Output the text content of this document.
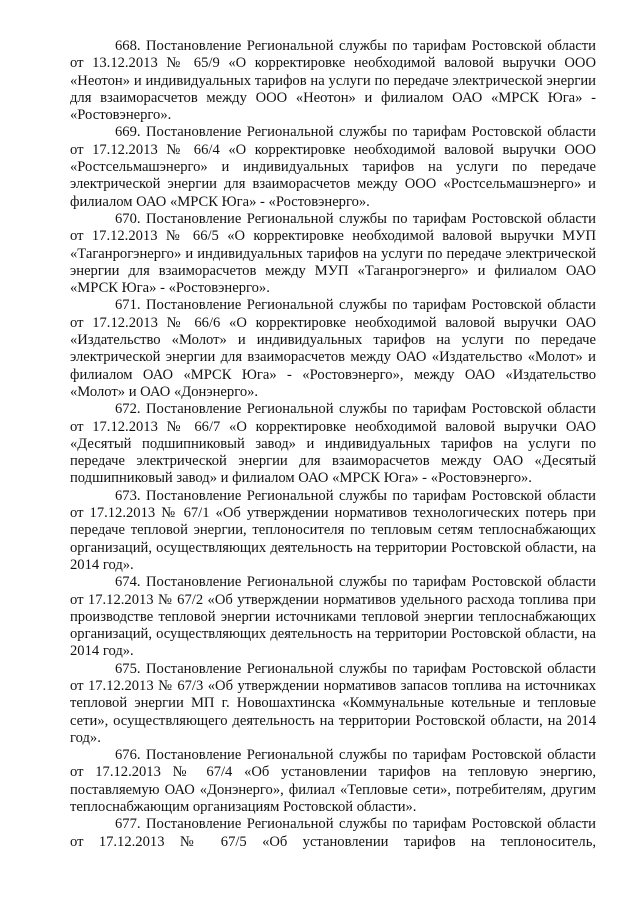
668. Постановление Региональной службы по тарифам Ростовской области от 13.12.2013 № 65/9 «О корректировке необходимой валовой выручки ООО «Неотон» и индивидуальных тарифов на услуги по передаче электрической энергии для взаиморасчетов между ООО «Неотон» и филиалом ОАО «МРСК Юга» - «Ростовэнерго».

669. Постановление Региональной службы по тарифам Ростовской области от 17.12.2013 № 66/4 «О корректировке необходимой валовой выручки ООО «Ростсельмашэнерго» и индивидуальных тарифов на услуги по передаче электрической энергии для взаиморасчетов между ООО «Ростсельмашэнерго» и филиалом ОАО «МРСК Юга» - «Ростовэнерго».

670. Постановление Региональной службы по тарифам Ростовской области от 17.12.2013 № 66/5 «О корректировке необходимой валовой выручки МУП «Таганрогэнерго» и индивидуальных тарифов на услуги по передаче электрической энергии для взаиморасчетов между МУП «Таганрогэнерго» и филиалом ОАО «МРСК Юга» - «Ростовэнерго».

671. Постановление Региональной службы по тарифам Ростовской области от 17.12.2013 № 66/6 «О корректировке необходимой валовой выручки ОАО «Издательство «Молот» и индивидуальных тарифов на услуги по передаче электрической энергии для взаиморасчетов между ОАО «Издательство «Молот» и филиалом ОАО «МРСК Юга» - «Ростовэнерго», между ОАО «Издательство «Молот» и ОАО «Донэнерго».

672. Постановление Региональной службы по тарифам Ростовской области от 17.12.2013 № 66/7 «О корректировке необходимой валовой выручки ОАО «Десятый подшипниковый завод» и индивидуальных тарифов на услуги по передаче электрической энергии для взаиморасчетов между ОАО «Десятый подшипниковый завод» и филиалом ОАО «МРСК Юга» - «Ростовэнерго».

673. Постановление Региональной службы по тарифам Ростовской области от 17.12.2013 № 67/1 «Об утверждении нормативов технологических потерь при передаче тепловой энергии, теплоносителя по тепловым сетям теплоснабжающих организаций, осуществляющих деятельность на территории Ростовской области, на 2014 год».

674. Постановление Региональной службы по тарифам Ростовской области от 17.12.2013 № 67/2 «Об утверждении нормативов удельного расхода топлива при производстве тепловой энергии источниками тепловой энергии теплоснабжающих организаций, осуществляющих деятельность на территории Ростовской области, на 2014 год».

675. Постановление Региональной службы по тарифам Ростовской области от 17.12.2013 № 67/3 «Об утверждении нормативов запасов топлива на источниках тепловой энергии МП г. Новошахтинска «Коммунальные котельные и тепловые сети», осуществляющего деятельность на территории Ростовской области, на 2014 год».

676. Постановление Региональной службы по тарифам Ростовской области от 17.12.2013 № 67/4 «Об установлении тарифов на тепловую энергию, поставляемую ОАО «Донэнерго», филиал «Тепловые сети», потребителям, другим теплоснабжающим организациям Ростовской области».

677. Постановление Региональной службы по тарифам Ростовской области от 17.12.2013 № 67/5 «Об установлении тарифов на теплоноситель,
